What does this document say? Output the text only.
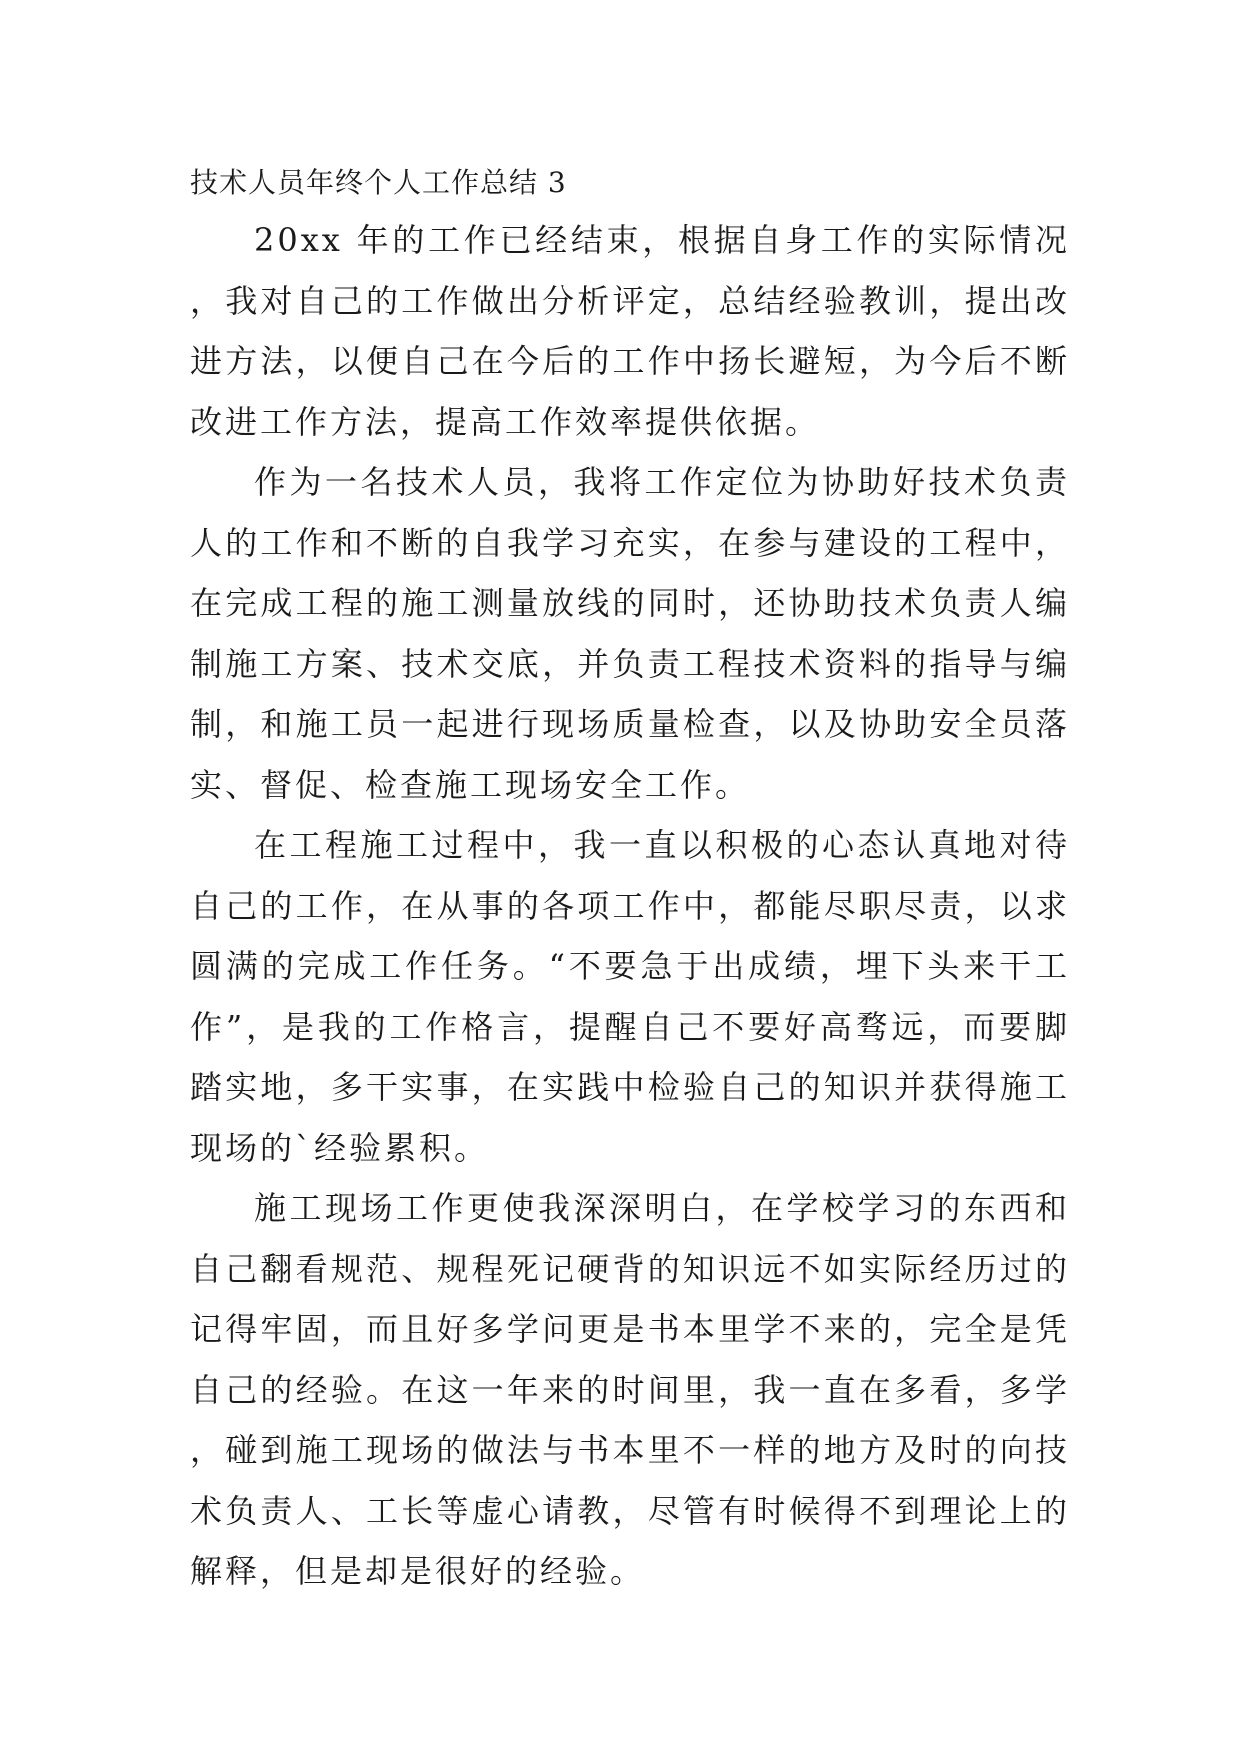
技术人员年终个人工作总结 3

20xx 年的工作已经结束，根据自身工作的实际情况，我对自己的工作做出分析评定，总结经验教训，提出改进方法，以便自己在今后的工作中扬长避短，为今后不断改进工作方法，提高工作效率提供依据。

作为一名技术人员，我将工作定位为协助好技术负责人的工作和不断的自我学习充实，在参与建设的工程中，在完成工程的施工测量放线的同时，还协助技术负责人编制施工方案、技术交底，并负责工程技术资料的指导与编制，和施工员一起进行现场质量检查，以及协助安全员落实、督促、检查施工现场安全工作。

在工程施工过程中，我一直以积极的心态认真地对待自己的工作，在从事的各项工作中，都能尽职尽责，以求圆满的完成工作任务。“不要急于出成绩，埋下头来干工作”，是我的工作格言，提醒自己不要好高骛远，而要脚踏实地，多干实事，在实践中检验自己的知识并获得施工现场的`经验累积。

施工现场工作更使我深深明白，在学校学习的东西和自己翻看规范、规程死记硬背的知识远不如实际经历过的记得牢固，而且好多学问更是书本里学不来的，完全是凭自己的经验。在这一年来的时间里，我一直在多看，多学，碰到施工现场的做法与书本里不一样的地方及时的向技术负责人、工长等虚心请教，尽管有时候得不到理论上的解释，但是却是很好的经验。
